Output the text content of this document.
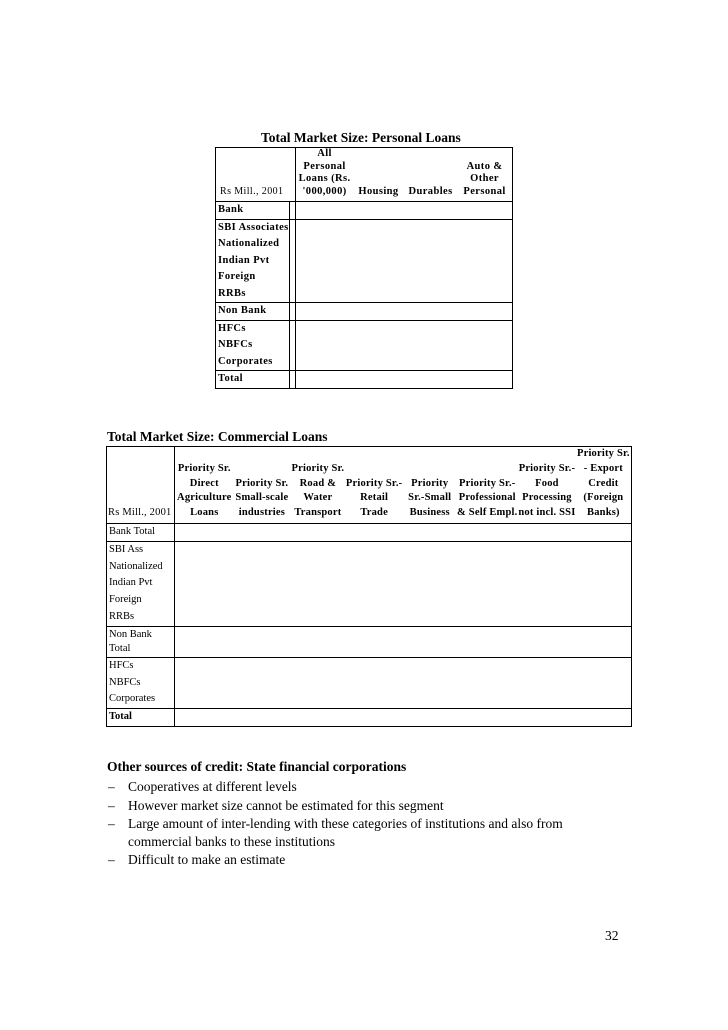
Total Market Size: Personal Loans
Rs Mill., 2001		All Personal Loans (Rs. '000,000)	Housing	Durables	Auto & Other Personal
Bank					
SBI Associates					
Nationalized					
Indian Pvt					
Foreign					
RRBs					
Non Bank					
HFCs					
NBFCs					
Corporates					
Total					
Total Market Size: Commercial Loans
Rs Mill., 2001	Priority Sr. Direct Agriculture Loans	Priority Sr. Small-scale industries	Priority Sr. Road & Water Transport	Priority Sr.-Retail Trade	Priority Sr.-Small Business	Priority Sr.- Professional & Self Empl.	Priority Sr.-Food Processing not incl. SSI	Priority Sr. - Export Credit (Foreign Banks)
Bank Total								
SBI Ass								
Nationalized								
Indian Pvt								
Foreign								
RRBs								
Non Bank Total								
HFCs								
NBFCs								
Corporates								
Total								
Other sources of credit: State financial corporations
– Cooperatives at different levels
– However market size cannot be estimated for this segment
– Large amount of inter-lending with these categories of institutions and also from commercial banks to these institutions
– Difficult to make an estimate
32
